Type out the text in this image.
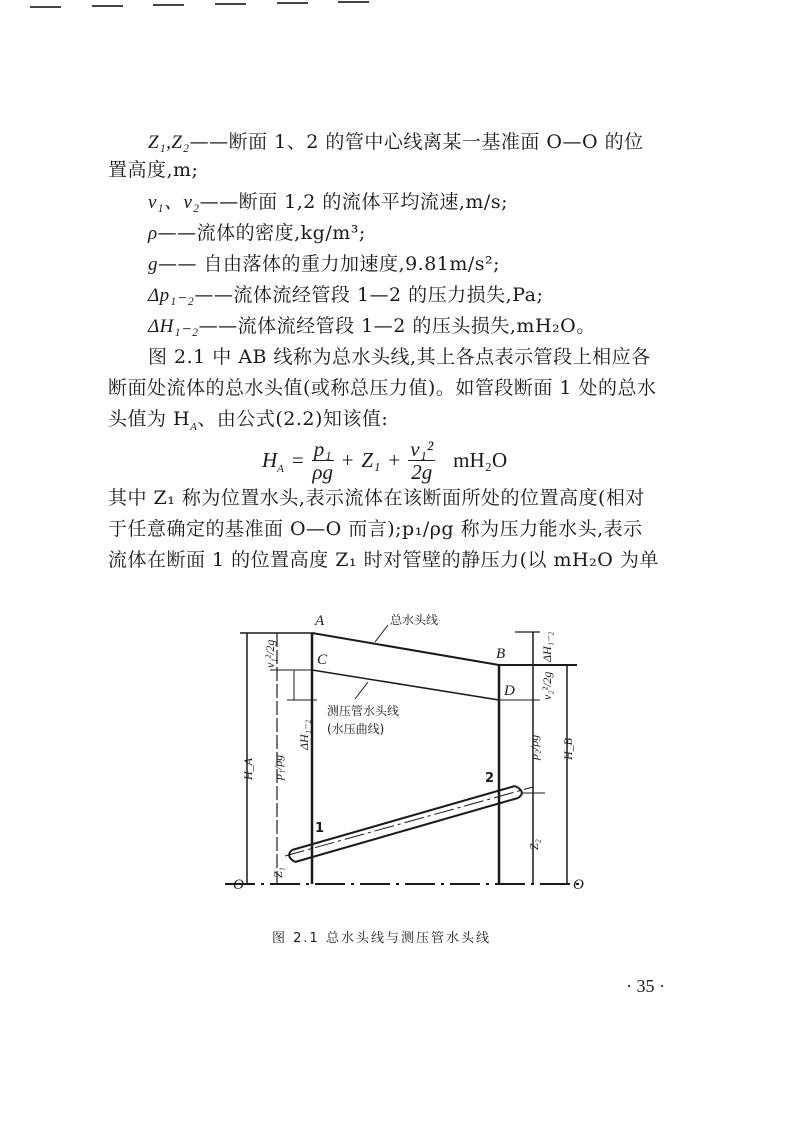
Z₁,Z₂——断面 1、2 的管中心线离某一基准面 O—O 的位
置高度,m;
v₁、v₂——断面 1,2 的流体平均流速,m/s;
ρ——流体的密度,kg/m³;
g—— 自由落体的重力加速度,9.81m/s²;
Δp₁₋₂——流体流经管段 1—2 的压力损失,Pa;
ΔH₁₋₂——流体流经管段 1—2 的压头损失,mH₂O。
图 2.1 中 AB 线称为总水头线,其上各点表示管段上相应各
断面处流体的总水头值(或称总压力值)。如管段断面 1 处的总水
头值为 $H_A$、由公式(2.2)知该值:
$H_A = \frac{\text{p₁}}{\rho g} + Z_1 + \frac{\text{v₁²}}{2g} mH_2O$
其中 Z₁ 称为位置水头,表示流体在该断面所处的位置高度(相对
于任意确定的基准面 O—O 而言);p₁/ρg 称为压力能水头,表示
流体在断面 1 的位置高度 Z₁ 时对管壁的静压力(以 mH₂O 为单
A
C	B
D
O	O
1
2
总水头线
测压管水头线
(水压曲线)
v₁²/2g
ΔH₁₋₂
p₁/ρg
H_A
Z₁
ΔH₁₋₂
v₂²/2g
p₂/ρg H_B
Z₂
图 2.1 总水头线与测压管水头线
· 35 ·
